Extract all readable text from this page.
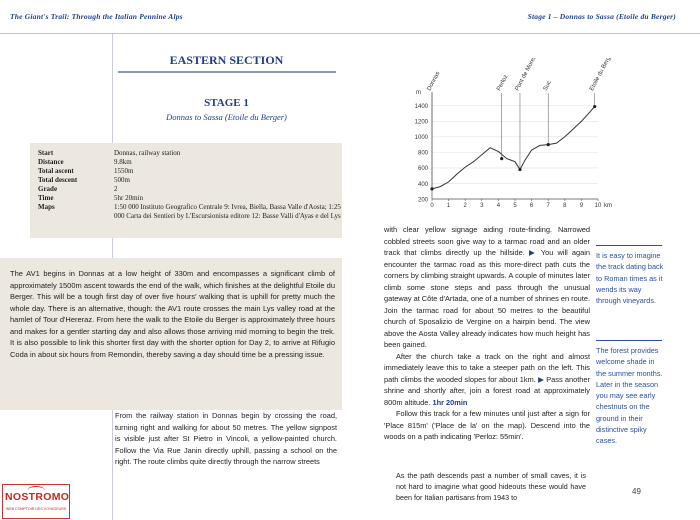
The Giant's Trail: Through the Italian Pennine Alps	Stage 1 – Donnas to Sassa (Etoile du Berger)
EASTERN SECTION
STAGE 1
Donnas to Sassa (Etoile du Berger)
Start	Donnas, railway station
Distance	9.8km
Total ascent	1550m
Total descent	500m
Grade	2
Time	5hr 20min
Maps	1:50 000 Instituto Geografico Centrale 9: Ivrea, Biella, Bassa Valle d'Aosta; 1:25 000 Carta dei Sentieri by L'Escursionista editore 12: Basse Valli d'Ayas e del Lys
The AV1 begins in Donnas at a low height of 330m and encompasses a significant climb of approximately 1500m ascent towards the end of the walk, which finishes at the delightful Etoile du Berger. This will be a tough first day of over five hours' walking that is uphill for pretty much the whole day. There is an alternative, though: the AV1 route crosses the main Lys valley road at the hamlet of Tour d'Hereraz. From here the walk to the Etoile du Berger is approximately three hours and makes for a gentler starting day and also allows those arriving mid morning to begin the trek. It is also possible to link this shorter first day with the shorter option for Day 2, to arrive at Rifugio Coda in about six hours from Remondin, thereby saving a day should time be a pressing issue.
From the railway station in Donnas begin by crossing the road, turning right and walking for about 50 metres. The yellow signpost is visible just after St Pietro in Vincoli, a yellow-painted church. Follow the Via Rue Janin directly uphill, passing a school on the right. The route climbs quite directly through the narrow streets
200
400
600
800
1000
1200
1400
0 1 2 3 4 5 6 7 8 9 10 km
m
Donnas	Perloz Pont de Moretta Suc	Etoile du Berger

with clear yellow signage aiding route-finding. Narrowed cobbled streets soon give way to a tarmac road and an older track that climbs directly up the hillside. ▶ You will again encounter the tarmac road as this more-direct path cuts the corners by climbing straight upwards. A couple of minutes later climb some stone steps and pass through the unusual gateway at Côte d'Artada, one of a number of shrines en route. Join the tarmac road for about 50 metres to the beautiful church of Sposalizio de Vergine on a hairpin bend. The view above the Aosta Valley already indicates how much height has been gained.

After the church take a track on the right and almost immediately leave this to take a steeper path on the left. This path climbs the wooded slopes for about 1km. ▶ Pass another shrine and shortly after, join a forest road at approximately 800m altitude. 1hr 20min

Follow this track for a few minutes until just after a sign for 'Place 815m' ('Place de la' on the map). Descend into the woods on a path indicating 'Perloz: 55min'.

As the path descends past a number of small caves, it is not hard to imagine what good hideouts these would have been for Italian partisans from 1943 to
It is easy to imagine the track dating back to Roman times as it wends its way through vineyards.
The forest provides welcome shade in the summer months. Later in the season you may see early chestnuts on the ground in their distinctive spiky cases.
49
NOSTROMO
WEB COMPTOIR DES VOYAGEURS
